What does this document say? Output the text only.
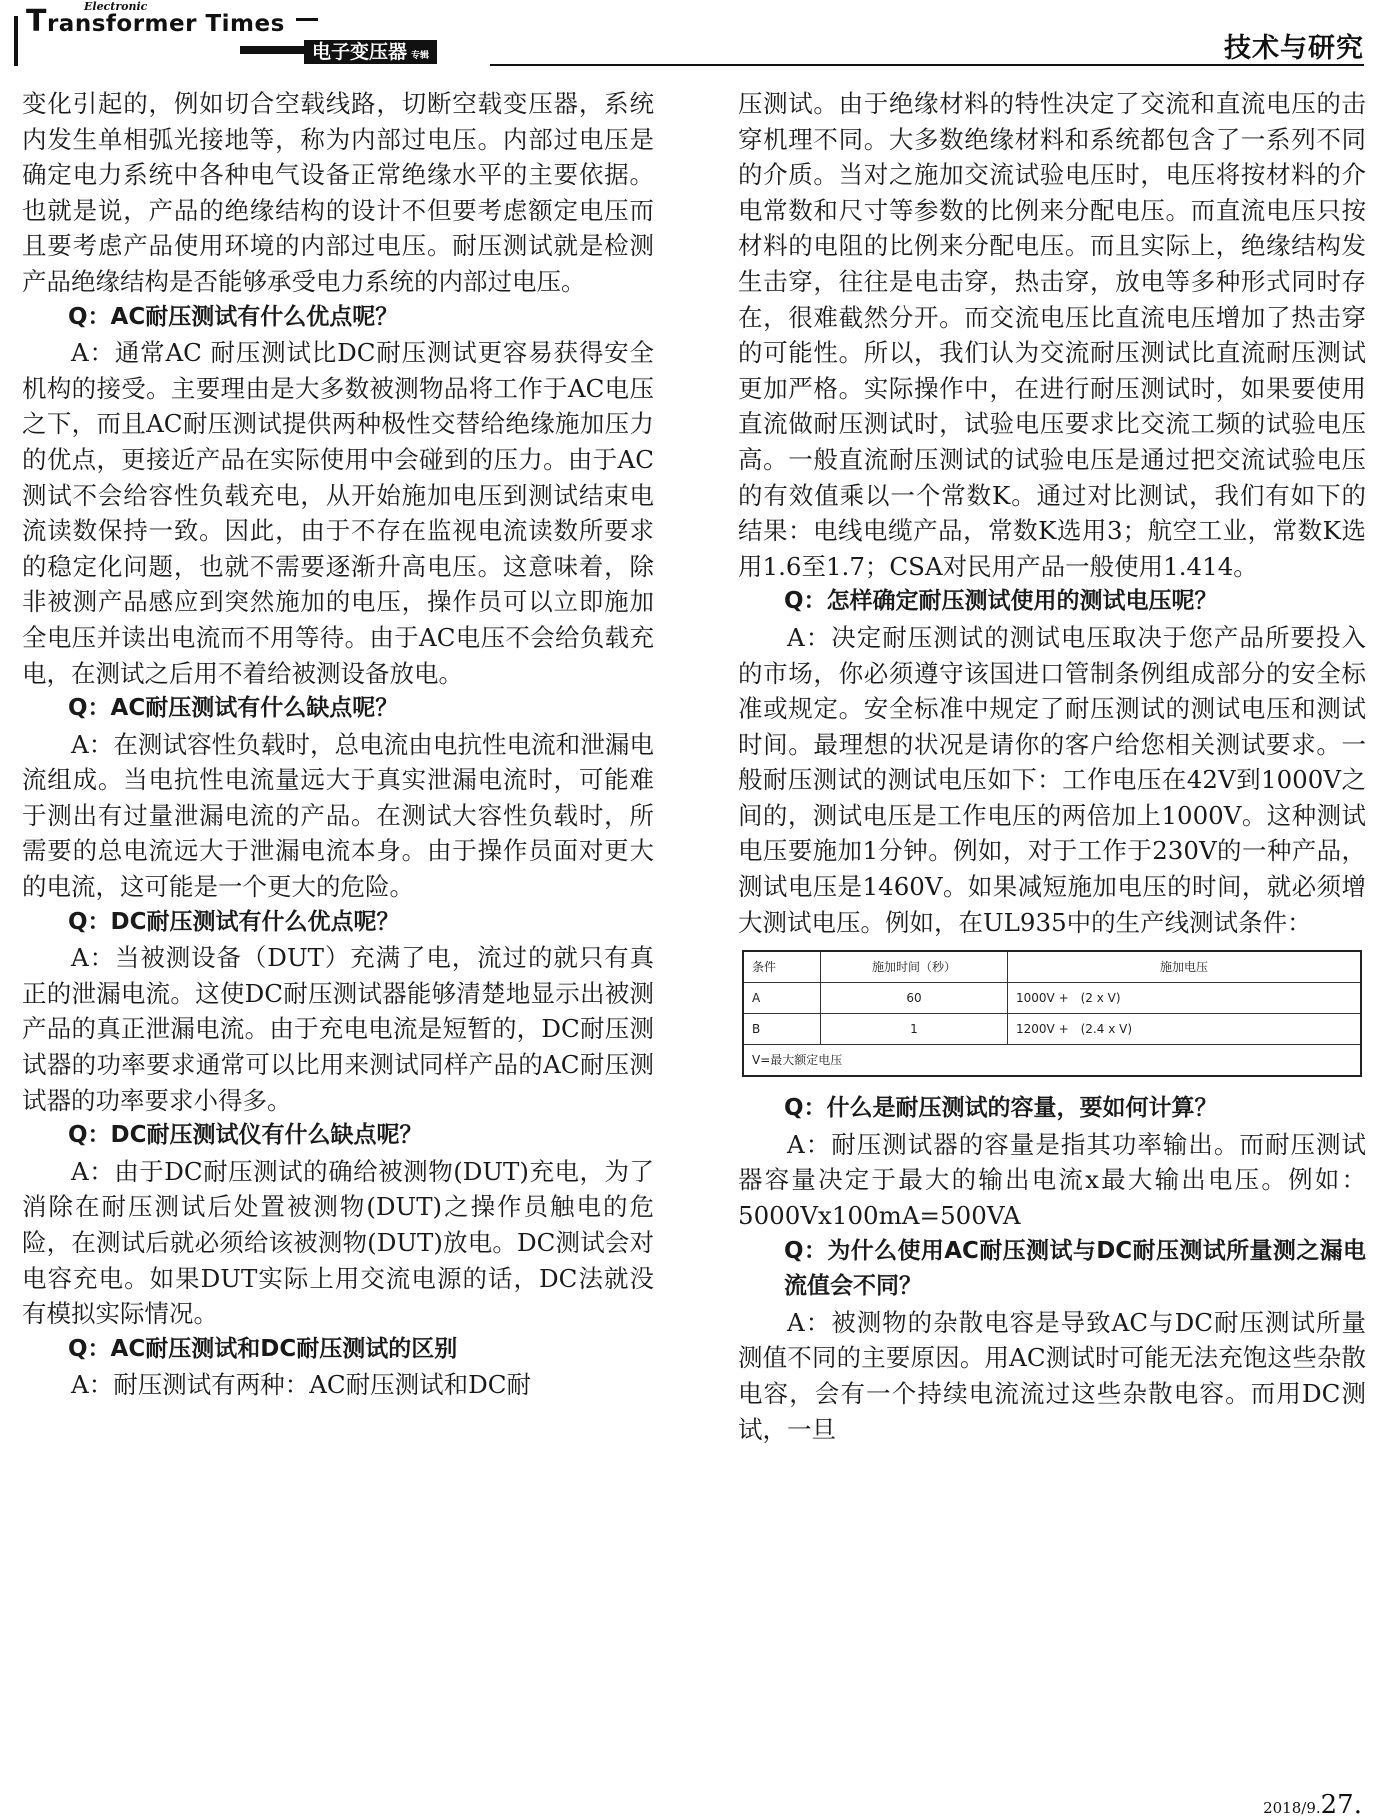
Electronic
Transformer Times
电子变压器 专辑	技术与研究

变化引起的，例如切合空载线路，切断空载变压器，系统内发生单相弧光接地等，称为内部过电压。内部过电压是确定电力系统中各种电气设备正常绝缘水平的主要依据。也就是说，产品的绝缘结构的设计不但要考虑额定电压而且要考虑产品使用环境的内部过电压。耐压测试就是检测产品绝缘结构是否能够承受电力系统的内部过电压。

Q：AC耐压测试有什么优点呢？

A：通常AC 耐压测试比DC耐压测试更容易获得安全机构的接受。主要理由是大多数被测物品将工作于AC电压之下，而且AC耐压测试提供两种极性交替给绝缘施加压力的优点，更接近产品在实际使用中会碰到的压力。由于AC测试不会给容性负载充电，从开始施加电压到测试结束电流读数保持一致。因此，由于不存在监视电流读数所要求的稳定化问题，也就不需要逐渐升高电压。这意味着，除非被测产品感应到突然施加的电压，操作员可以立即施加全电压并读出电流而不用等待。由于AC电压不会给负载充电，在测试之后用不着给被测设备放电。

Q：AC耐压测试有什么缺点呢？

A：在测试容性负载时，总电流由电抗性电流和泄漏电流组成。当电抗性电流量远大于真实泄漏电流时，可能难于测出有过量泄漏电流的产品。在测试大容性负载时，所需要的总电流远大于泄漏电流本身。由于操作员面对更大的电流，这可能是一个更大的危险。

Q：DC耐压测试有什么优点呢？

A：当被测设备（DUT）充满了电，流过的就只有真正的泄漏电流。这使DC耐压测试器能够清楚地显示出被测产品的真正泄漏电流。由于充电电流是短暂的，DC耐压测试器的功率要求通常可以比用来测试同样产品的AC耐压测试器的功率要求小得多。

Q：DC耐压测试仪有什么缺点呢？

A：由于DC耐压测试的确给被测物(DUT)充电，为了消除在耐压测试后处置被测物(DUT)之操作员触电的危险，在测试后就必须给该被测物(DUT)放电。DC测试会对电容充电。如果DUT实际上用交流电源的话，DC法就没有模拟实际情况。

Q：AC耐压测试和DC耐压测试的区别

A：耐压测试有两种：AC耐压测试和DC耐

压测试。由于绝缘材料的特性决定了交流和直流电压的击穿机理不同。大多数绝缘材料和系统都包含了一系列不同的介质。当对之施加交流试验电压时，电压将按材料的介电常数和尺寸等参数的比例来分配电压。而直流电压只按材料的电阻的比例来分配电压。而且实际上，绝缘结构发生击穿，往往是电击穿，热击穿，放电等多种形式同时存在，很难截然分开。而交流电压比直流电压增加了热击穿的可能性。所以，我们认为交流耐压测试比直流耐压测试更加严格。实际操作中，在进行耐压测试时，如果要使用直流做耐压测试时，试验电压要求比交流工频的试验电压高。一般直流耐压测试的试验电压是通过把交流试验电压的有效值乘以一个常数K。通过对比测试，我们有如下的结果：电线电缆产品，常数K选用3；航空工业，常数K选用1.6至1.7；CSA对民用产品一般使用1.414。

Q：怎样确定耐压测试使用的测试电压呢？

A：决定耐压测试的测试电压取决于您产品所要投入的市场，你必须遵守该国进口管制条例组成部分的安全标准或规定。安全标准中规定了耐压测试的测试电压和测试时间。最理想的状况是请你的客户给您相关测试要求。一般耐压测试的测试电压如下：工作电压在42V到1000V之间的，测试电压是工作电压的两倍加上1000V。这种测试电压要施加1分钟。例如，对于工作于230V的一种产品，测试电压是1460V。如果减短施加电压的时间，就必须增大测试电压。例如，在UL935中的生产线测试条件：

条件	施加时间（秒）	施加电压
A	60	1000V +　(2 x V)
B	1	1200V +　(2.4 x V)
V=最大额定电压		

Q：什么是耐压测试的容量，要如何计算？

A：耐压测试器的容量是指其功率输出。而耐压测试器容量决定于最大的输出电流x最大输出电压。例如：5000Vx100mA=500VA

Q：为什么使用AC耐压测试与DC耐压测试所量测之漏电流值会不同？

A：被测物的杂散电容是导致AC与DC耐压测试所量测值不同的主要原因。用AC测试时可能无法充饱这些杂散电容，会有一个持续电流流过这些杂散电容。而用DC测试，一旦

2018/9.27.
